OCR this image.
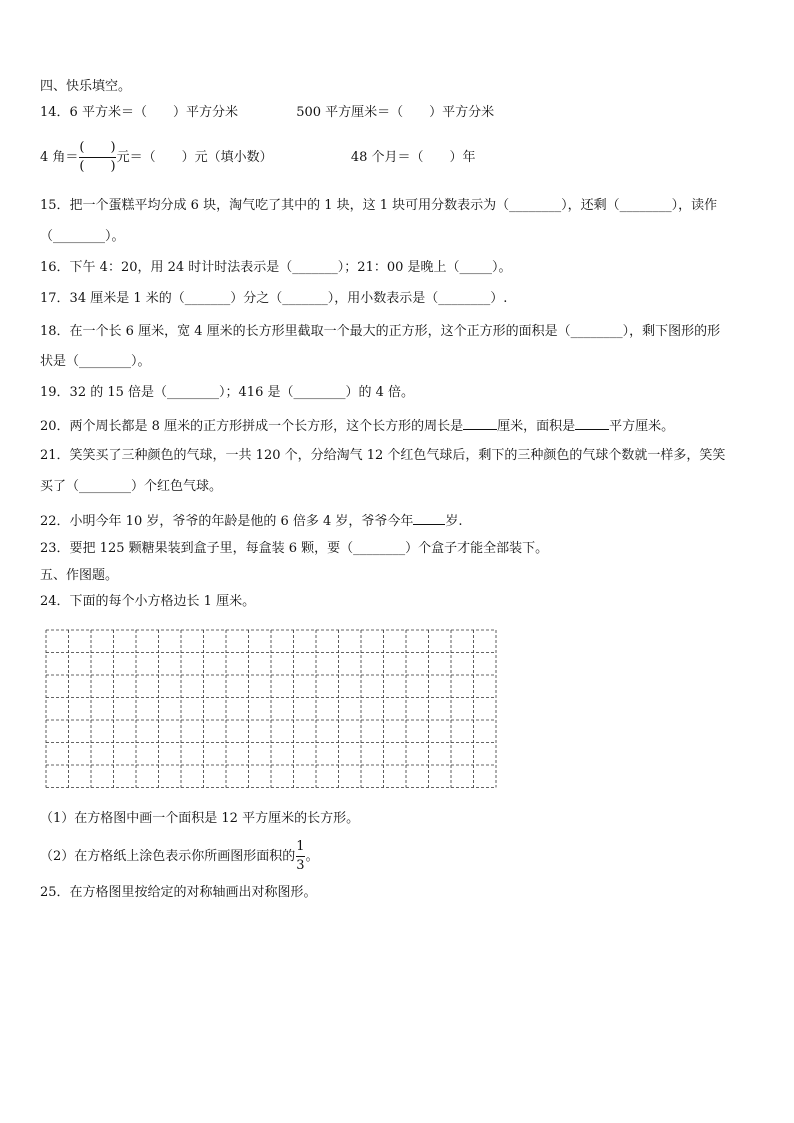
四、快乐填空。
14．6 平方米＝（　　）平方分米	500 平方厘米＝（　　）平方分米
4 角＝ $\frac{( )}{( )}$ 元＝（　　）元（填小数）	48 个月＝（　　）年
15．把一个蛋糕平均分成 6 块，淘气吃了其中的 1 块，这 1 块可用分数表示为（________），还剩（________），读作
（________）。
16．下午 4：20，用 24 时计时法表示是（_______）；21：00 是晚上（_____）。
17．34 厘米是 1 米的（_______）分之（_______），用小数表示是（________）.
18．在一个长 6 厘米，宽 4 厘米的长方形里截取一个最大的正方形，这个正方形的面积是（________），剩下图形的形
状是（________）。
19．32 的 15 倍是（________）；416 是（________）的 4 倍。
20．两个周长都是 8 厘米的正方形拼成一个长方形，这个长方形的周长是	厘米，面积是	平方厘米。
21．笑笑买了三种颜色的气球，一共 120 个，分给淘气 12 个红色气球后，剩下的三种颜色的气球个数就一样多，笑笑
买了（________）个红色气球。
22．小明今年 10 岁，爷爷的年龄是他的 6 倍多 4 岁，爷爷今年 岁.
23．要把 125 颗糖果装到盒子里，每盒装 6 颗，要（________）个盒子才能全部装下。
五、作图题。
24．下面的每个小方格边长 1 厘米。
（1）在方格图中画一个面积是 12 平方厘米的长方形。
（2）在方格纸上涂色表示你所画图形面积的 $\frac{1}{3}$ 。
25．在方格图里按给定的对称轴画出对称图形。
